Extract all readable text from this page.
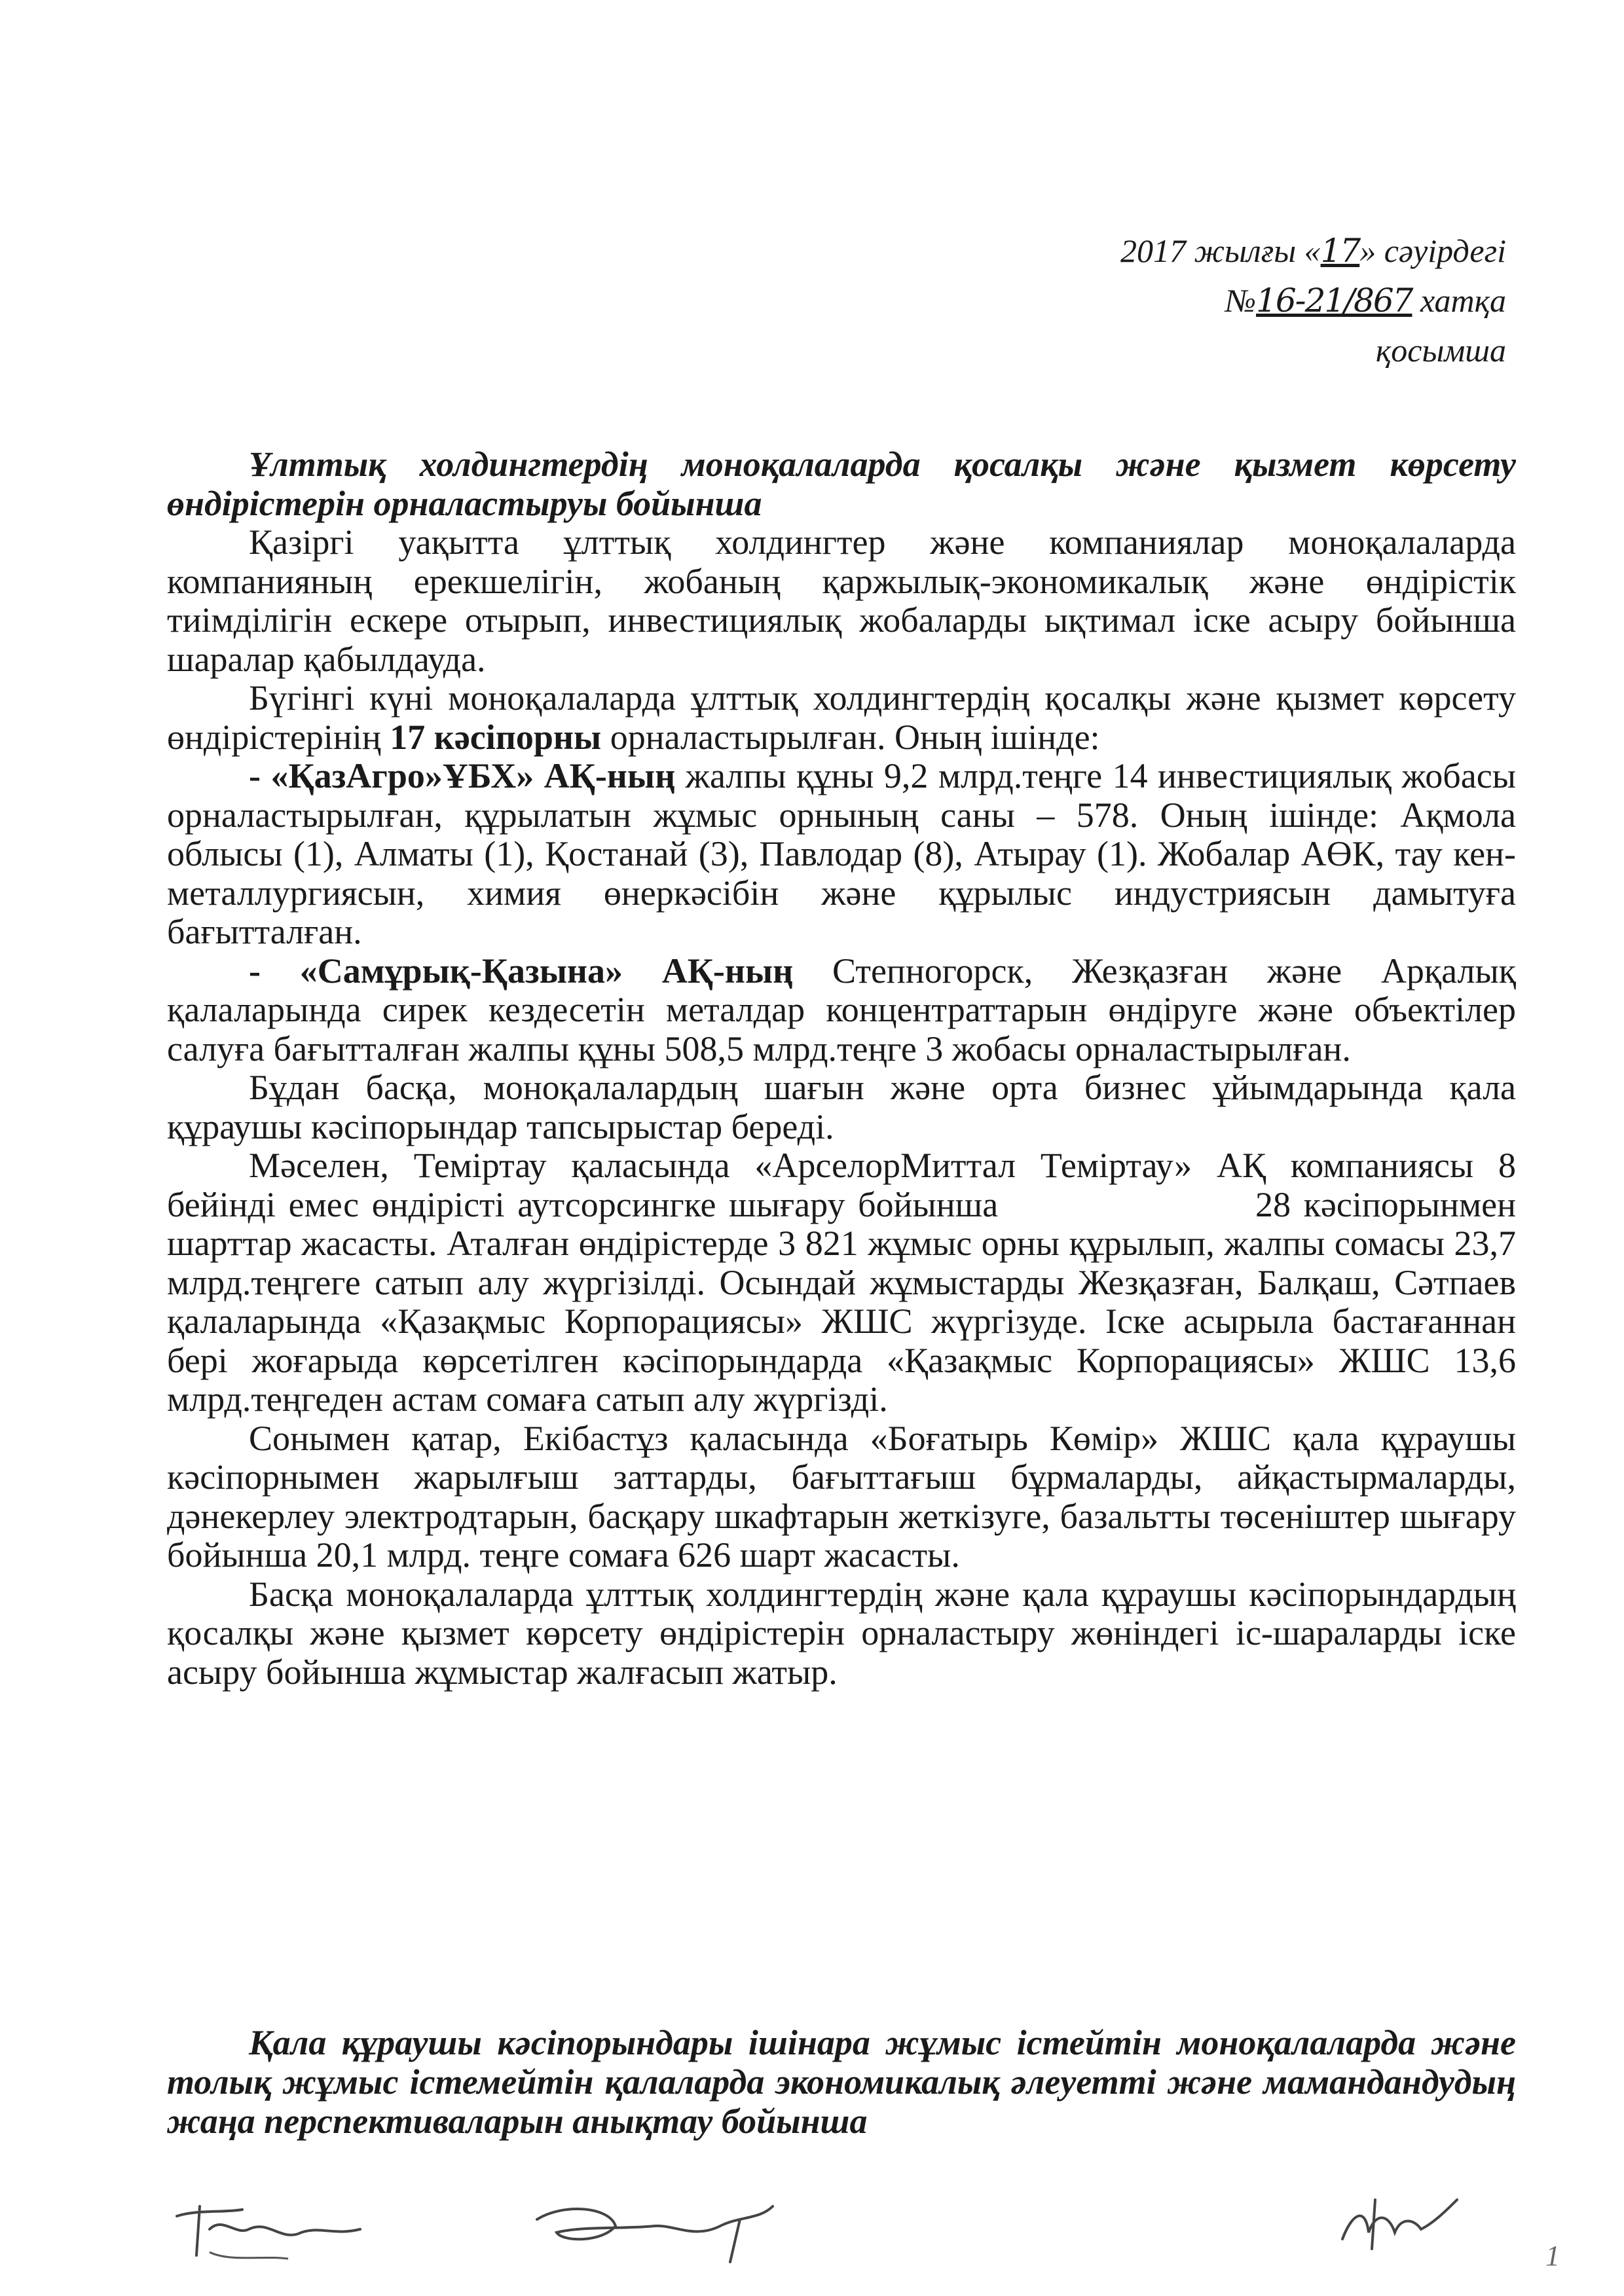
2017 жылғы «17» сәуірдегі
№16-21/867 хатқа
қосымша

Ұлттық холдингтердің моноқалаларда қосалқы және қызмет көрсету өндірістерін орналастыруы бойынша

Қазіргі уақытта ұлттық холдингтер және компаниялар моноқалаларда компанияның ерекшелігін, жобаның қаржылық-экономикалық және өндірістік тиімділігін ескере отырып, инвестициялық жобаларды ықтимал іске асыру бойынша шаралар қабылдауда.

Бүгінгі күні моноқалаларда ұлттық холдингтердің қосалқы және қызмет көрсету өндірістерінің 17 кәсіпорны орналастырылған. Оның ішінде:

- «ҚазАгро»ҰБХ» АҚ-ның жалпы құны 9,2 млрд.теңге 14 инвестициялық жобасы орналастырылған, құрылатын жұмыс орнының саны – 578. Оның ішінде: Ақмола облысы (1), Алматы (1), Қостанай (3), Павлодар (8), Атырау (1). Жобалар АӨК, тау кен-металлургиясын, химия өнеркәсібін және құрылыс индустриясын дамытуға бағытталған.

- «Самұрық-Қазына» АҚ-ның Степногорск, Жезқазған және Арқалық қалаларында сирек кездесетін металдар концентраттарын өндіруге және объектілер салуға бағытталған жалпы құны 508,5 млрд.теңге 3 жобасы орналастырылған.

Бұдан басқа, моноқалалардың шағын және орта бизнес ұйымдарында қала құраушы кәсіпорындар тапсырыстар береді.

Мәселен, Теміртау қаласында «АрселорМиттал Теміртау» АҚ компаниясы 8 бейінді емес өндірісті аутсорсингке шығару бойынша                    28 кәсіпорынмен шарттар жасасты. Аталған өндірістерде 3 821 жұмыс орны құрылып, жалпы сомасы 23,7 млрд.теңгеге сатып алу жүргізілді. Осындай жұмыстарды Жезқазған, Балқаш, Сәтпаев қалаларында «Қазақмыс Корпорациясы» ЖШС жүргізуде. Іске асырыла бастағаннан бері жоғарыда көрсетілген кәсіпорындарда «Қазақмыс Корпорациясы» ЖШС 13,6 млрд.теңгеден астам сомаға сатып алу жүргізді.

Сонымен қатар, Екібастұз қаласында «Боғатырь Көмір» ЖШС қала құраушы кәсіпорнымен жарылғыш заттарды, бағыттағыш бұрмаларды, айқастырмаларды, дәнекерлеу электродтарын, басқару шкафтарын жеткізуге, базальтты төсеніштер шығару бойынша 20,1 млрд. теңге сомаға 626 шарт жасасты.

Басқа моноқалаларда ұлттық холдингтердің және қала құраушы кәсіпорындардың қосалқы және қызмет көрсету өндірістерін орналастыру жөніндегі іс-шараларды іске асыру бойынша жұмыстар жалғасып жатыр.

Қала құраушы кәсіпорындары ішінара жұмыс істейтін моноқалаларда және толық жұмыс істемейтін қалаларда экономикалық әлеуетті және мамандандудың жаңа перспективаларын анықтау бойынша

1
